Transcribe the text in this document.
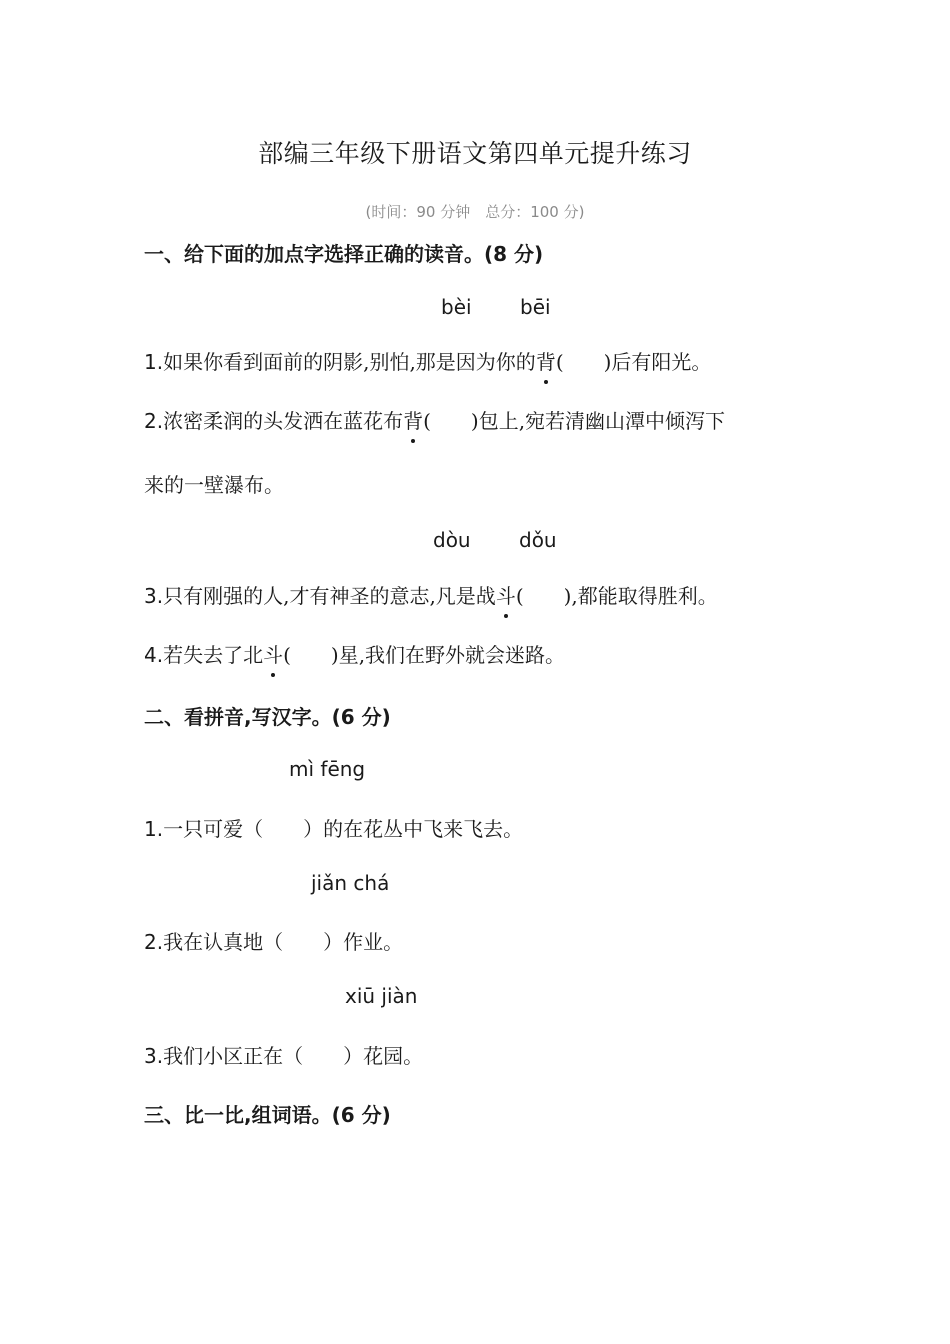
部编三年级下册语文第四单元提升练习
(时间：90 分钟　总分：100 分)
一、给下面的加点字选择正确的读音。(8 分)
bèi bēi
1.如果你看到面前的阴影,别怕,那是因为你的背(　　)后有阳光。
2.浓密柔润的头发洒在蓝花布背(　　)包上,宛若清幽山潭中倾泻下
来的一壁瀑布。
dòu dǒu
3.只有刚强的人,才有神圣的意志,凡是战斗(　　),都能取得胜利。
4.若失去了北斗(　　)星,我们在野外就会迷路。
二、看拼音,写汉字。(6 分)
mì fēng
1.一只可爱（　　 ）的在花丛中飞来飞去。
jiǎn chá
2.我在认真地（　　 ）作业。
xiū jiàn
3.我们小区正在（　　 ）花园。
三、比一比,组词语。(6 分)
